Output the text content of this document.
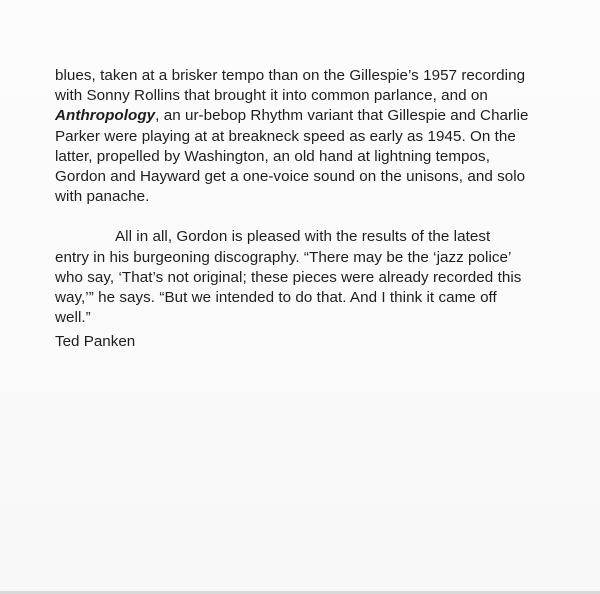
blues, taken at a brisker tempo than on the Gillespie’s 1957 recording
with Sonny Rollins that brought it into common parlance, and on
Anthropology, an ur-bebop Rhythm variant that Gillespie and Charlie
Parker were playing at at breakneck speed as early as 1945. On the
latter, propelled by Washington, an old hand at lightning tempos,
Gordon and Hayward get a one-voice sound on the unisons, and solo
with panache.
All in all, Gordon is pleased with the results of the latest
entry in his burgeoning discography. “There may be the ‘jazz police’
who say, ‘That’s not original; these pieces were already recorded this
way,’” he says. “But we intended to do that. And I think it came off
well.”
Ted Panken
